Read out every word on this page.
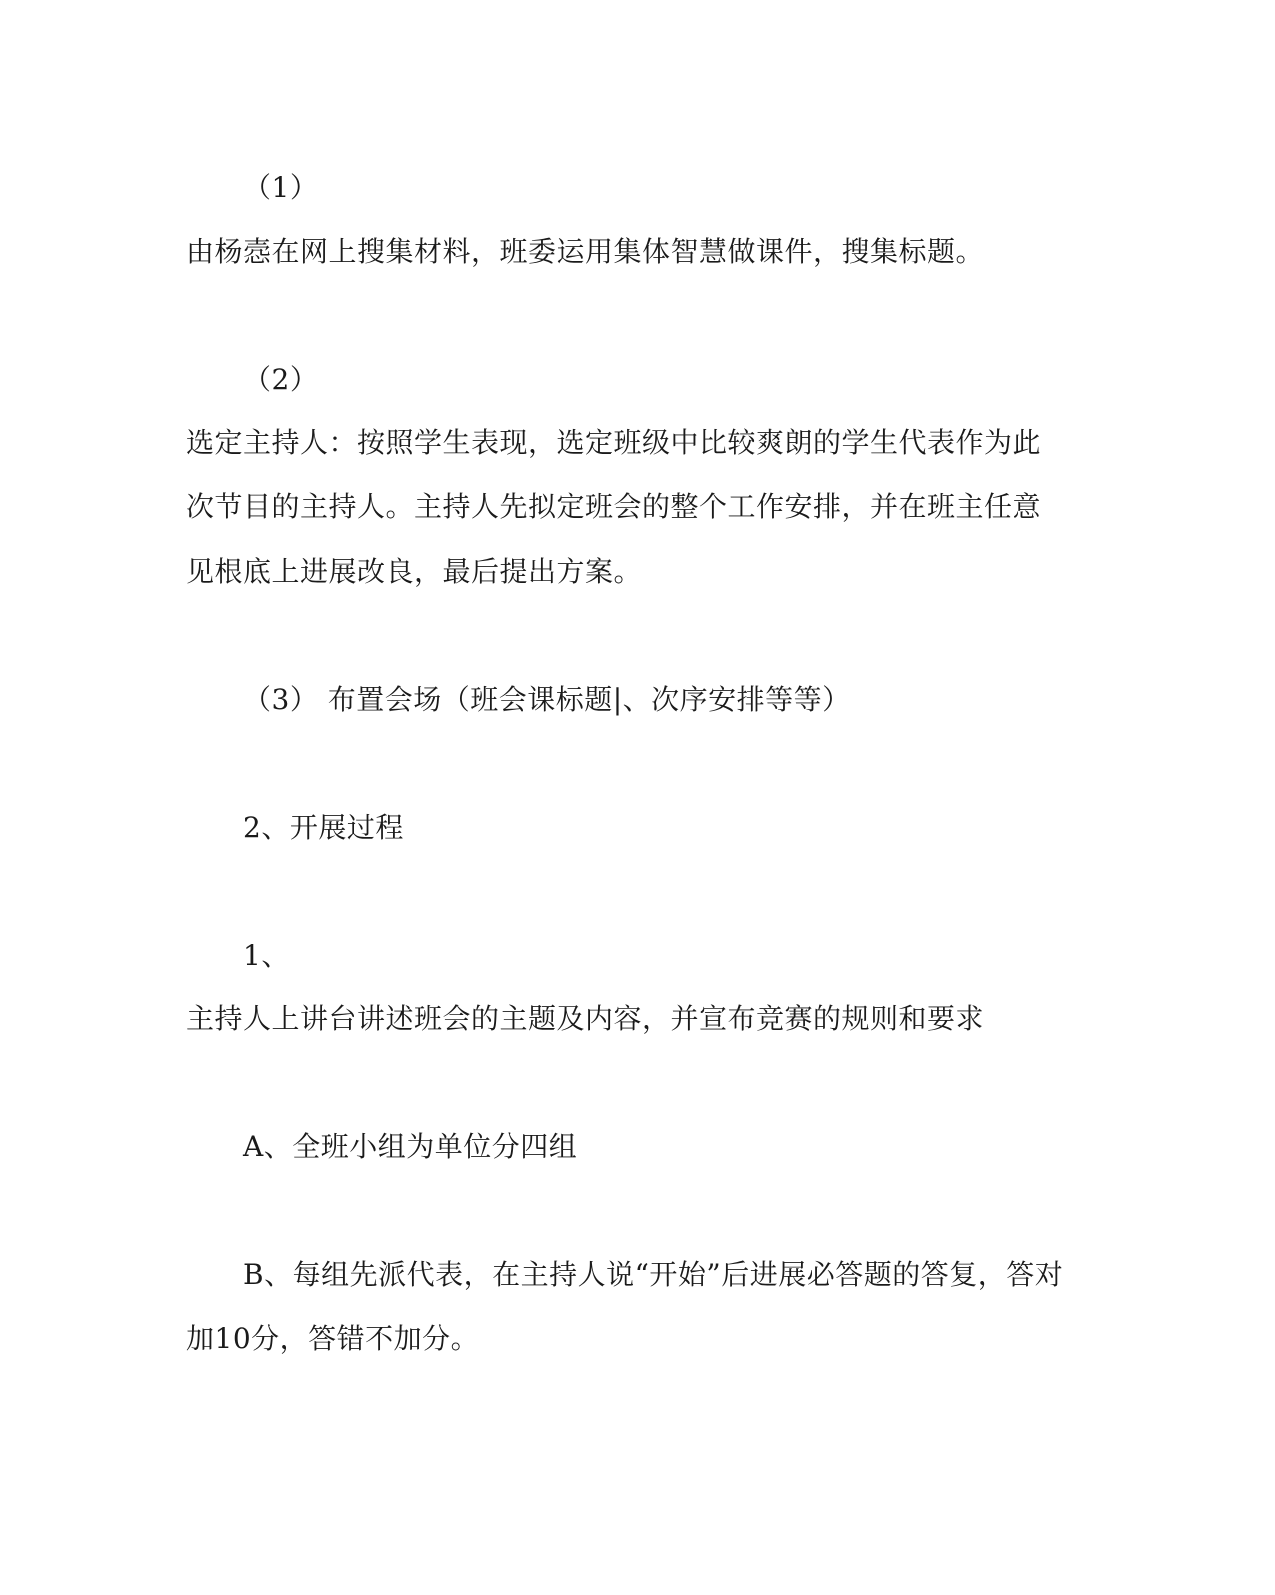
（1）
由杨悫在网上搜集材料，班委运用集体智慧做课件，搜集标题。
（2）
选定主持人：按照学生表现，选定班级中比较爽朗的学生代表作为此
次节目的主持人。主持人先拟定班会的整个工作安排，并在班主任意
见根底上进展改良，最后提出方案。
（3） 布置会场（班会课标题|、次序安排等等）
2、开展过程
1、
主持人上讲台讲述班会的主题及内容，并宣布竞赛的规则和要求
A、全班小组为单位分四组
B、每组先派代表，在主持人说“开始”后进展必答题的答复，答对
加10分，答错不加分。
